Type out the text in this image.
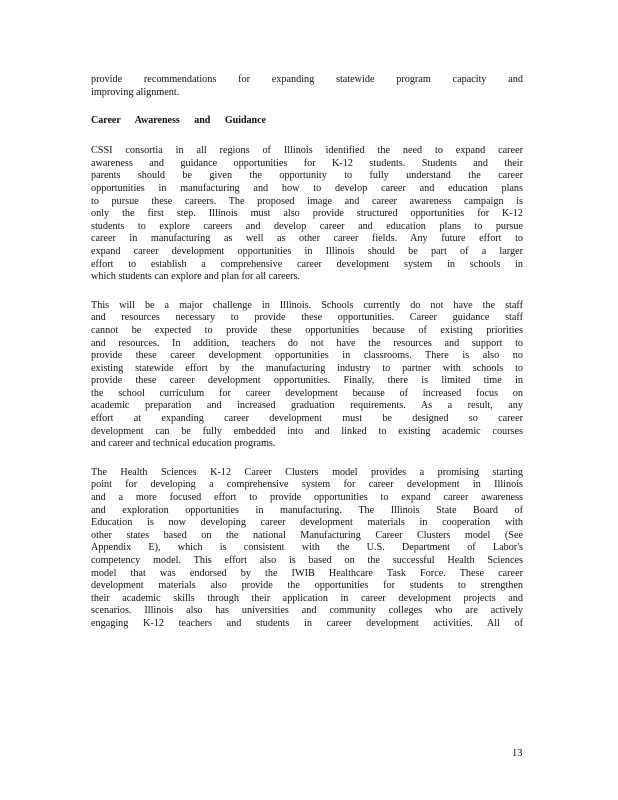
provide recommendations for expanding statewide program capacity and
improving alignment.
Career Awareness and Guidance
CSSI consortia in all regions of Illinois identified the need to expand career
awareness and guidance opportunities for K-12 students. Students and their
parents should be given the opportunity to fully understand the career
opportunities in manufacturing and how to develop career and education plans
to pursue these careers. The proposed image and career awareness campaign is
only the first step. Illinois must also provide structured opportunities for K-12
students to explore careers and develop career and education plans to pursue
career in manufacturing as well as other career fields. Any future effort to
expand career development opportunities in Illinois should be part of a larger
effort to establish a comprehensive career development system in schools in
which students can explore and plan for all careers.
This will be a major challenge in Illinois. Schools currently do not have the staff
and resources necessary to provide these opportunities. Career guidance staff
cannot be expected to provide these opportunities because of existing priorities
and resources. In addition, teachers do not have the resources and support to
provide these career development opportunities in classrooms. There is also no
existing statewide effort by the manufacturing industry to partner with schools to
provide these career development opportunities. Finally, there is limited time in
the school curriculum for career development because of increased focus on
academic preparation and increased graduation requirements. As a result, any
effort at expanding career development must be designed so career
development can be fully embedded into and linked to existing academic courses
and career and technical education programs.
The Health Sciences K-12 Career Clusters model provides a promising starting
point for developing a comprehensive system for career development in Illinois
and a more focused effort to provide opportunities to expand career awareness
and exploration opportunities in manufacturing. The Illinois State Board of
Education is now developing career development materials in cooperation with
other states based on the national Manufacturing Career Clusters model (See
Appendix E), which is consistent with the U.S. Department of Labor's
competency model. This effort also is based on the successful Health Sciences
model that was endorsed by the IWIB Healthcare Task Force. These career
development materials also provide the opportunities for students to strengthen
their academic skills through their application in career development projects and
scenarios. Illinois also has universities and community colleges who are actively
engaging K-12 teachers and students in career development activities. All of
13
